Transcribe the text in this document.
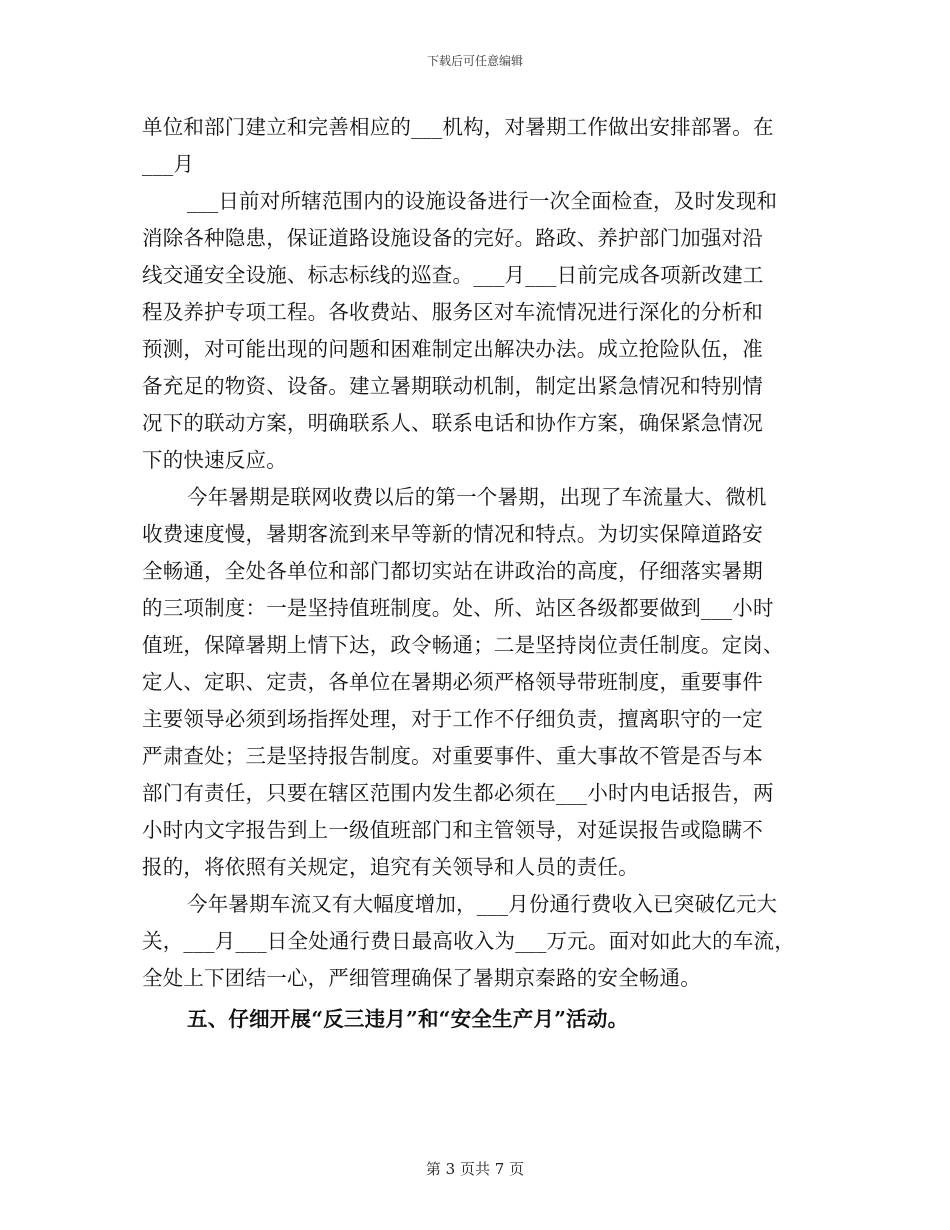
下载后可任意编辑
单位和部门建立和完善相应的___机构，对暑期工作做出安排部署。在
___月
___日前对所辖范围内的设施设备进行一次全面检查，及时发现和
消除各种隐患，保证道路设施设备的完好。路政、养护部门加强对沿
线交通安全设施、标志标线的巡查。___月___日前完成各项新改建工
程及养护专项工程。各收费站、服务区对车流情况进行深化的分析和
预测，对可能出现的问题和困难制定出解决办法。成立抢险队伍，准
备充足的物资、设备。建立暑期联动机制，制定出紧急情况和特别情
况下的联动方案，明确联系人、联系电话和协作方案，确保紧急情况
下的快速反应。
今年暑期是联网收费以后的第一个暑期，出现了车流量大、微机
收费速度慢，暑期客流到来早等新的情况和特点。为切实保障道路安
全畅通，全处各单位和部门都切实站在讲政治的高度，仔细落实暑期
的三项制度：一是坚持值班制度。处、所、站区各级都要做到___小时
值班，保障暑期上情下达，政令畅通；二是坚持岗位责任制度。定岗、
定人、定职、定责，各单位在暑期必须严格领导带班制度，重要事件
主要领导必须到场指挥处理，对于工作不仔细负责，擅离职守的一定
严肃查处；三是坚持报告制度。对重要事件、重大事故不管是否与本
部门有责任，只要在辖区范围内发生都必须在___小时内电话报告，两
小时内文字报告到上一级值班部门和主管领导，对延误报告或隐瞒不
报的，将依照有关规定，追究有关领导和人员的责任。
今年暑期车流又有大幅度增加，___月份通行费收入已突破亿元大
关，___月___日全处通行费日最高收入为___万元。面对如此大的车流，
全处上下团结一心，严细管理确保了暑期京秦路的安全畅通。
五、仔细开展“反三违月”和“安全生产月”活动。
第 3 页共 7 页
